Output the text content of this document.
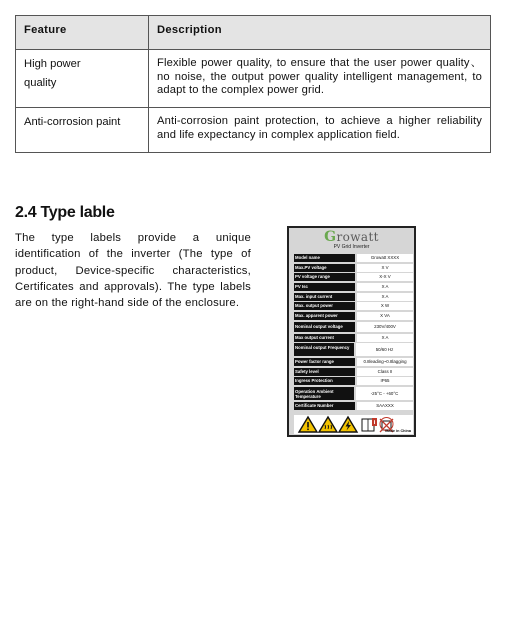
Feature	Description

High power quality	Flexible power quality, to ensure that the user power quality、no noise, the output power quality intelligent management, to adapt to the complex power grid.
Anti-corrosion paint	Anti-corrosion paint protection, to achieve a higher reliability and life expectancy in complex application field.
2.4 Type lable

The type labels provide a unique identification of the inverter (The type of product, Device-specific characteristics, Certificates and approvals). The type labels are on the right-hand side of the enclosure.

Growatt
PV Grid Inverter
Model name	Growatt XXXX
Max.PV voltage	X V
PV voltage range	X-X V
PV Isc	X A
Max. input current	X A
Max. output power	X W
Max. apparent power	X VA
Nominal output voltage	230V/400V
Max output current	X A
Nominal output Frequency	50/60 Hz
Power factor range	0.8leading~0.8lagging
Safety level	Class II
Ingress Protection	IP65
Operation Ambient Temperature	-25°C - +60°C
Certificate Number	SAAXXX
i
Made in China
